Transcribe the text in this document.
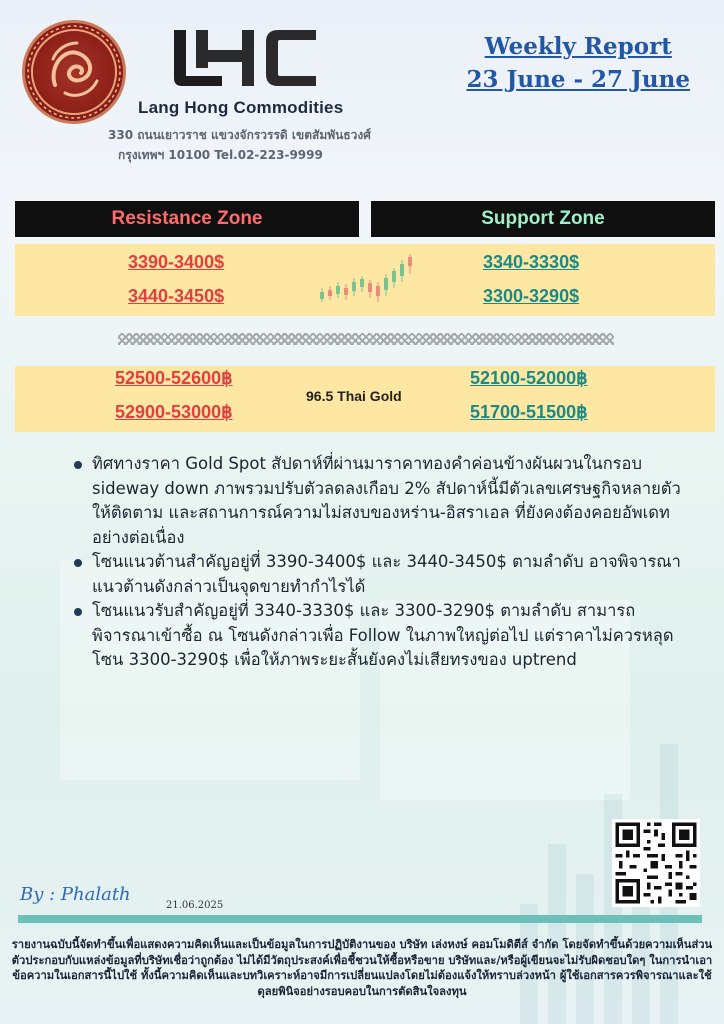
Lang Hong Commodities
330 ถนนเยาวราช แขวงจักรวรรดิ เขตสัมพันธวงศ์
กรุงเทพฯ 10100 Tel.02-223-9999
Weekly Report
23 June - 27 June
Resistance Zone	Support Zone
3390-3400$
3440-3450$
3340-3330$
3300-3290$
52500-52600฿
52900-53000฿
96.5 Thai Gold
52100-52000฿
51700-51500฿
ทิศทางราคา Gold Spot สัปดาห์ที่ผ่านมาราคาทองคำค่อนข้างผันผวนในกรอบ sideway down ภาพรวมปรับตัวลดลงเกือบ 2% สัปดาห์นี้มีตัวเลขเศรษฐกิจหลายตัวให้ติดตาม และสถานการณ์ความไม่สงบของหร่าน-อิสราเอล ที่ยังคงต้องคอยอัพเดทอย่างต่อเนื่อง
โซนแนวต้านสำคัญอยู่ที่ 3390-3400$ และ 3440-3450$ ตามลำดับ อาจพิจารณาแนวต้านดังกล่าวเป็นจุดขายทำกำไรได้
โซนแนวรับสำคัญอยู่ที่ 3340-3330$ และ 3300-3290$ ตามลำดับ สามารถพิจารณาเข้าซื้อ ณ โซนดังกล่าวเพื่อ Follow ในภาพใหญ่ต่อไป แต่ราคาไม่ควรหลุดโซน 3300-3290$ เพื่อให้ภาพระยะสั้นยังคงไม่เสียทรงของ uptrend
By : Phalath
21.06.2025
รายงานฉบับนี้จัดทำขึ้นเพื่อแสดงความคิดเห็นและเป็นข้อมูลในการปฏิบัติงานของ บริษัท เล่งหงษ์ คอมโมดิตีส์ จำกัด โดยจัดทำขึ้นด้วยความเห็นส่วนตัวประกอบกับแหล่งข้อมูลที่บริษัทเชื่อว่าถูกต้อง ไม่ได้มีวัตถุประสงค์เพื่อชี้ชวนให้ซื้อหรือขาย บริษัทและ/หรือผู้เขียนจะไม่รับผิดชอบใดๆ ในการนำเอาข้อความในเอกสารนี้ไปใช้ ทั้งนี้ความคิดเห็นและบทวิเคราะห์อาจมีการเปลี่ยนแปลงโดยไม่ต้องแจ้งให้ทราบล่วงหน้า ผู้ใช้เอกสารควรพิจารณาและใช้ดุลยพินิจอย่างรอบคอบในการตัดสินใจลงทุน
